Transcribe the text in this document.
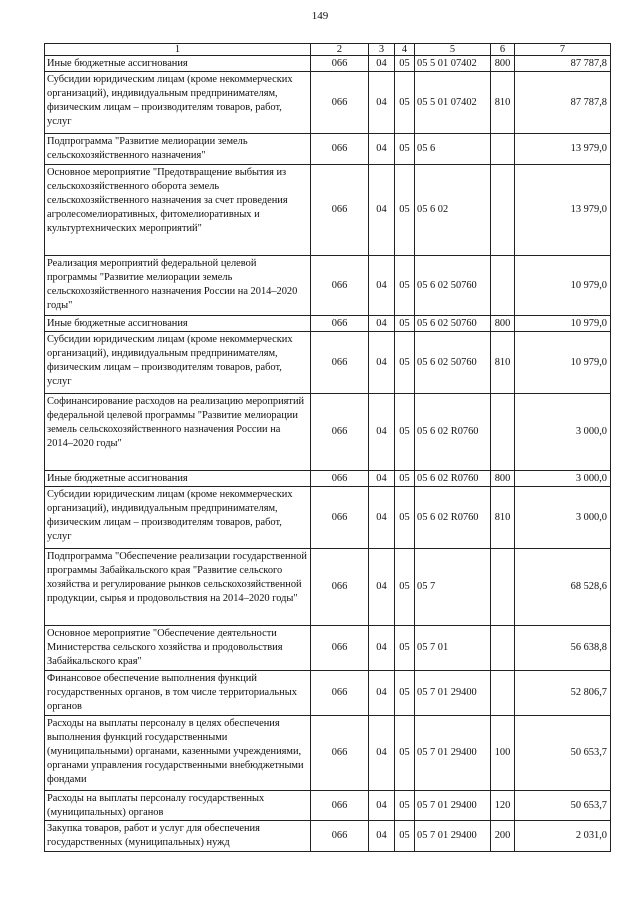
149
1	2	3	4	5	6	7
Иные бюджетные ассигнования	066	04	05	05 5 01 07402	800	87 787,8
Субсидии юридическим лицам (кроме некоммерческих организаций), индивидуальным предпринимателям, физическим лицам – производителям товаров, работ, услуг	066	04	05	05 5 01 07402	810	87 787,8
Подпрограмма "Развитие мелиорации земель сельскохозяйственного назначения"	066	04	05	05 6		13 979,0
Основное мероприятие "Предотвращение выбытия из сельскохозяйственного оборота земель сельскохозяйственного назначения за счет проведения агролесомелиоративных, фитомелиоративных и культуртехнических мероприятий"	066	04	05	05 6 02		13 979,0
Реализация мероприятий федеральной целевой программы "Развитие мелиорации земель сельскохозяйственного назначения России на 2014–2020 годы"	066	04	05	05 6 02 50760		10 979,0
Иные бюджетные ассигнования	066	04	05	05 6 02 50760	800	10 979,0
Субсидии юридическим лицам (кроме некоммерческих организаций), индивидуальным предпринимателям, физическим лицам – производителям товаров, работ, услуг	066	04	05	05 6 02 50760	810	10 979,0
Софинансирование расходов на реализацию мероприятий федеральной целевой программы "Развитие мелиорации земель сельскохозяйственного назначения России на 2014–2020 годы"	066	04	05	05 6 02 R0760		3 000,0
Иные бюджетные ассигнования	066	04	05	05 6 02 R0760	800	3 000,0
Субсидии юридическим лицам (кроме некоммерческих организаций), индивидуальным предпринимателям, физическим лицам – производителям товаров, работ, услуг	066	04	05	05 6 02 R0760	810	3 000,0
Подпрограмма "Обеспечение реализации государственной программы Забайкальского края "Развитие сельского хозяйства и регулирование рынков сельскохозяйственной продукции, сырья и продовольствия на 2014–2020 годы"	066	04	05	05 7		68 528,6
Основное мероприятие "Обеспечение деятельности Министерства сельского хозяйства и продовольствия Забайкальского края"	066	04	05	05 7 01		56 638,8
Финансовое обеспечение выполнения функций государственных органов, в том числе территориальных органов	066	04	05	05 7 01 29400		52 806,7
Расходы на выплаты персоналу в целях обеспечения выполнения функций государственными (муниципальными) органами, казенными учреждениями, органами управления государственными внебюджетными фондами	066	04	05	05 7 01 29400	100	50 653,7
Расходы на выплаты персоналу государственных (муниципальных) органов	066	04	05	05 7 01 29400	120	50 653,7
Закупка товаров, работ и услуг для обеспечения государственных (муниципальных) нужд	066	04	05	05 7 01 29400	200	2 031,0
